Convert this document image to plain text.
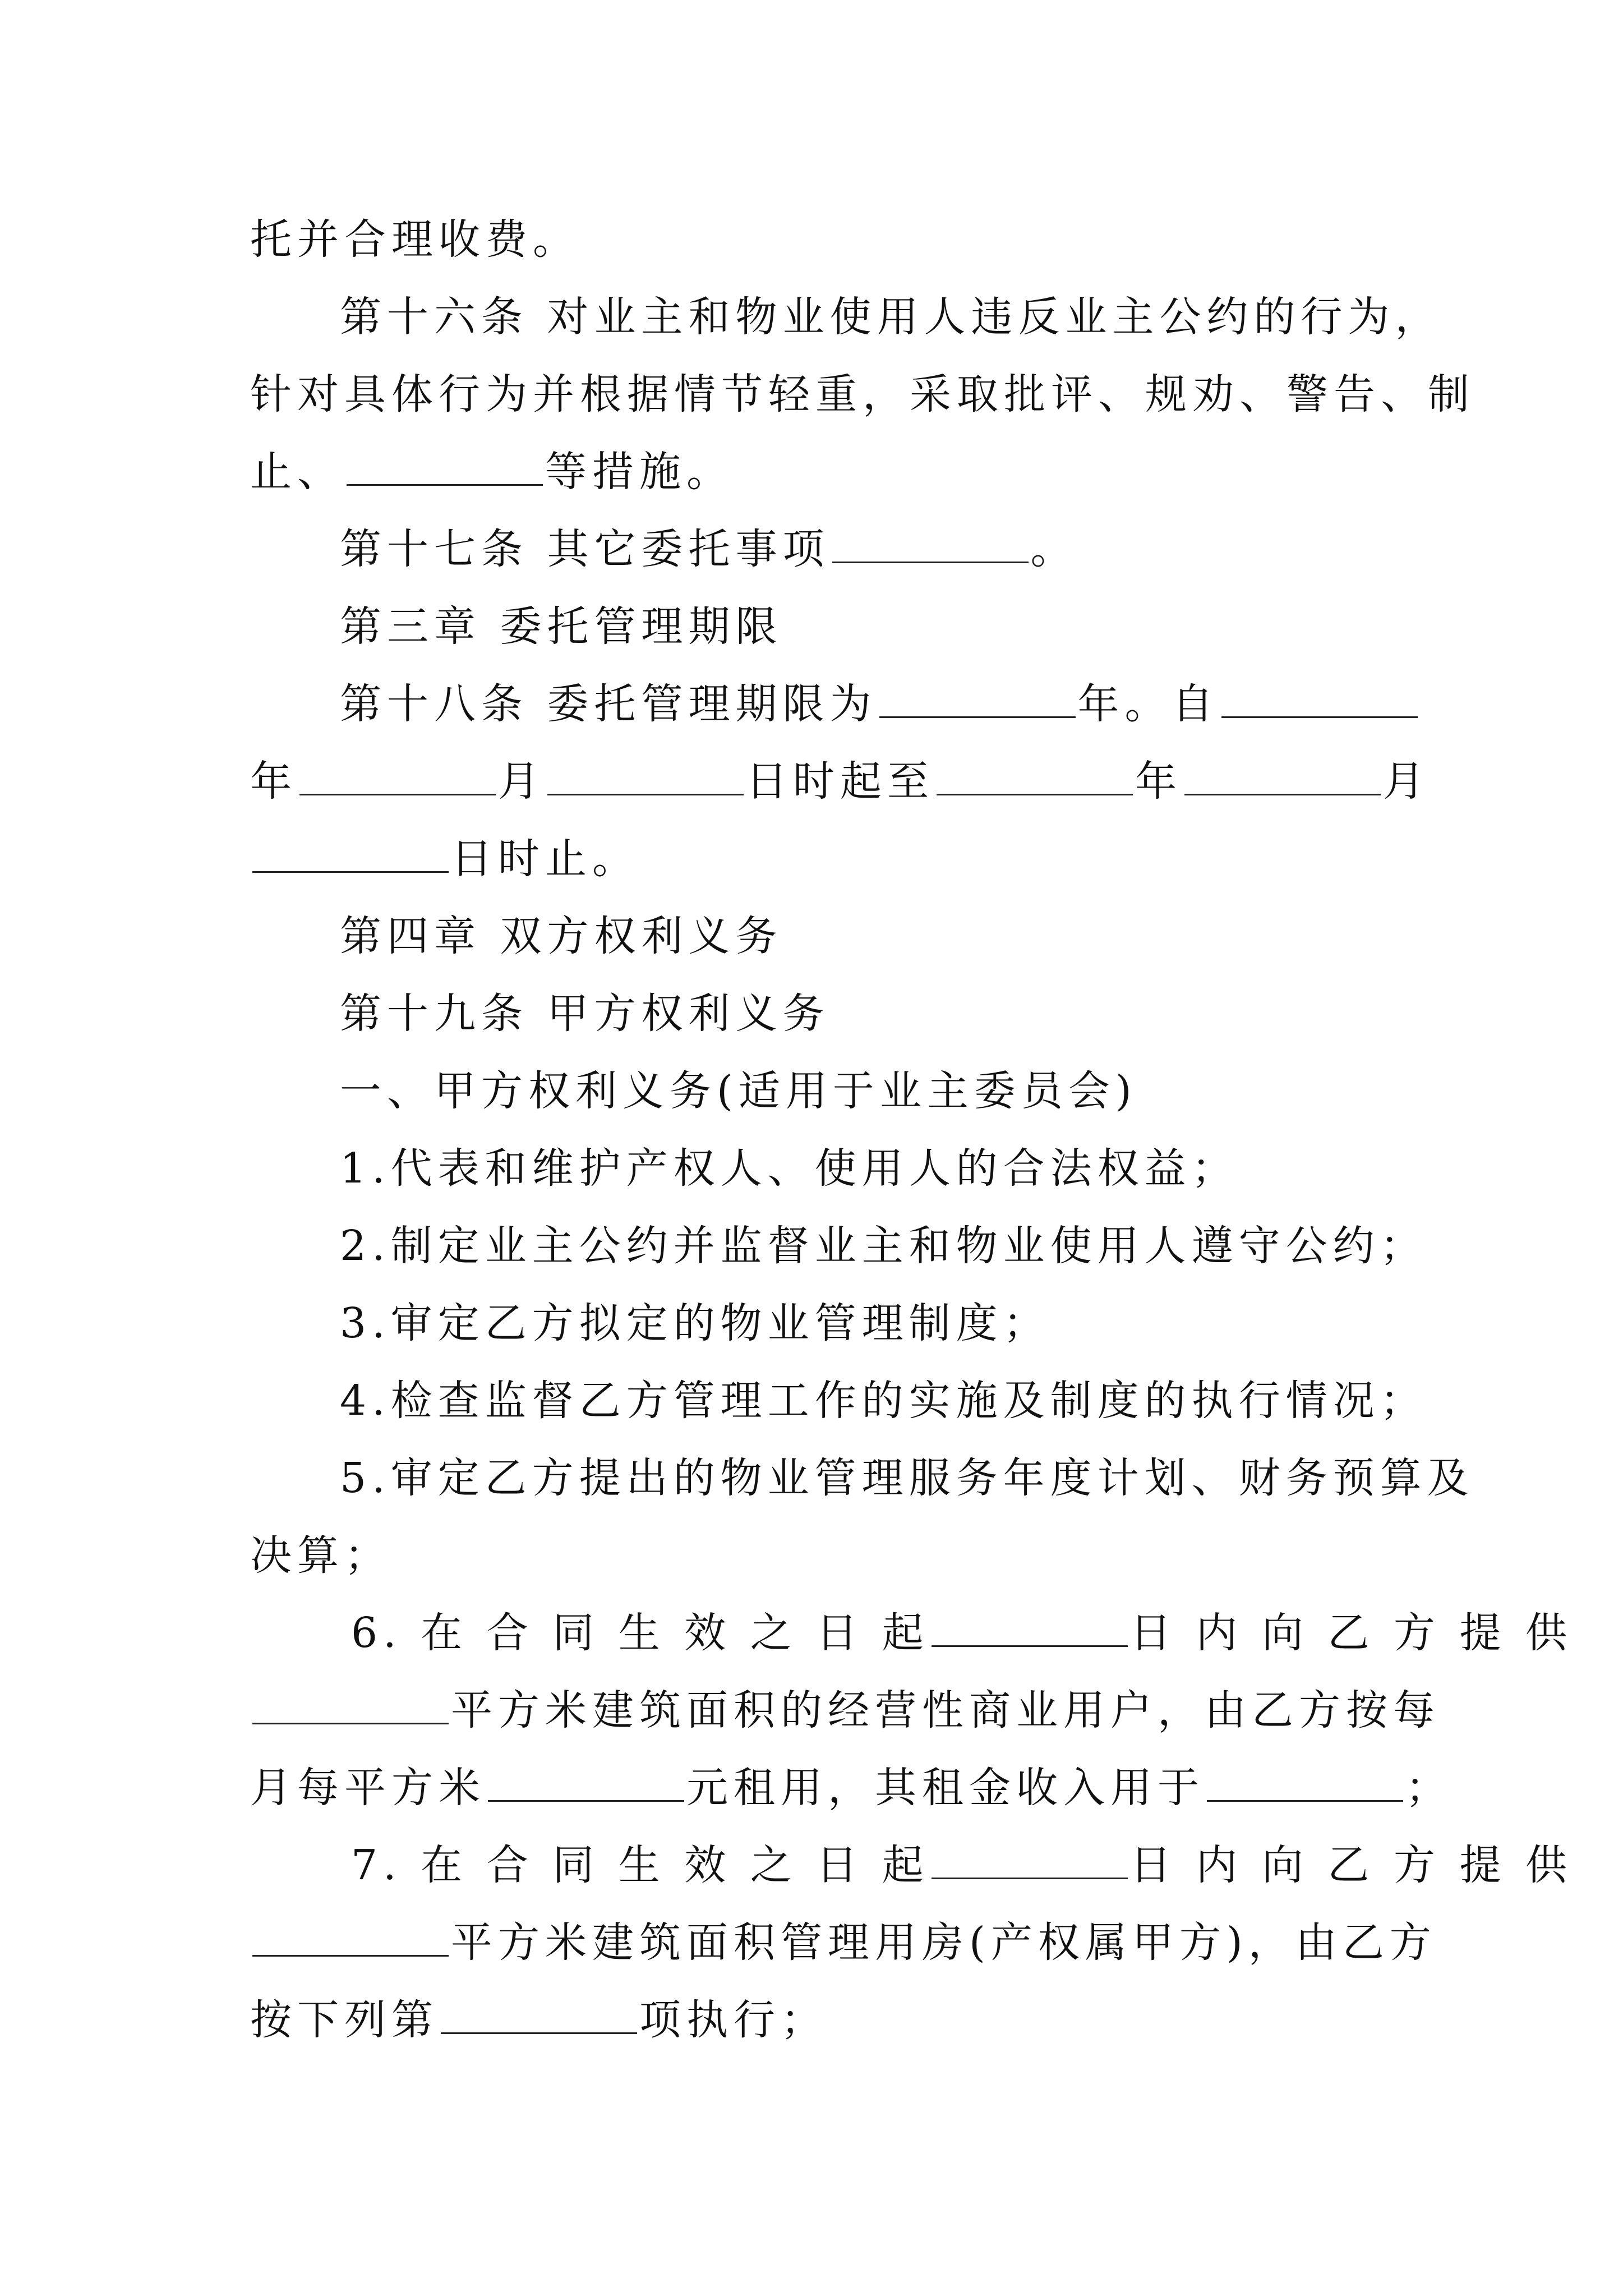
托并合理收费。
第十六条 对业主和物业使用人违反业主公约的行为，
针对具体行为并根据情节轻重，采取批评、规劝、警告、制
止、	等措施。
第十七条 其它委托事项	。
第三章 委托管理期限
第十八条 委托管理期限为	年。自
年	月	日时起至	年	月
日时止。
第四章 双方权利义务
第十九条 甲方权利义务
一、甲方权利义务(适用于业主委员会)
1.代表和维护产权人、使用人的合法权益；
2.制定业主公约并监督业主和物业使用人遵守公约；
3.审定乙方拟定的物业管理制度；
4.检查监督乙方管理工作的实施及制度的执行情况；
5.审定乙方提出的物业管理服务年度计划、财务预算及
决算；
6. 在 合 同 生 效 之 日 起	日 内 向 乙 方 提 供
平方米建筑面积的经营性商业用户，由乙方按每
月每平方米	元租用，其租金收入用于	；
7. 在 合 同 生 效 之 日 起	日 内 向 乙 方 提 供
平方米建筑面积管理用房(产权属甲方)，由乙方
按下列第	项执行；
